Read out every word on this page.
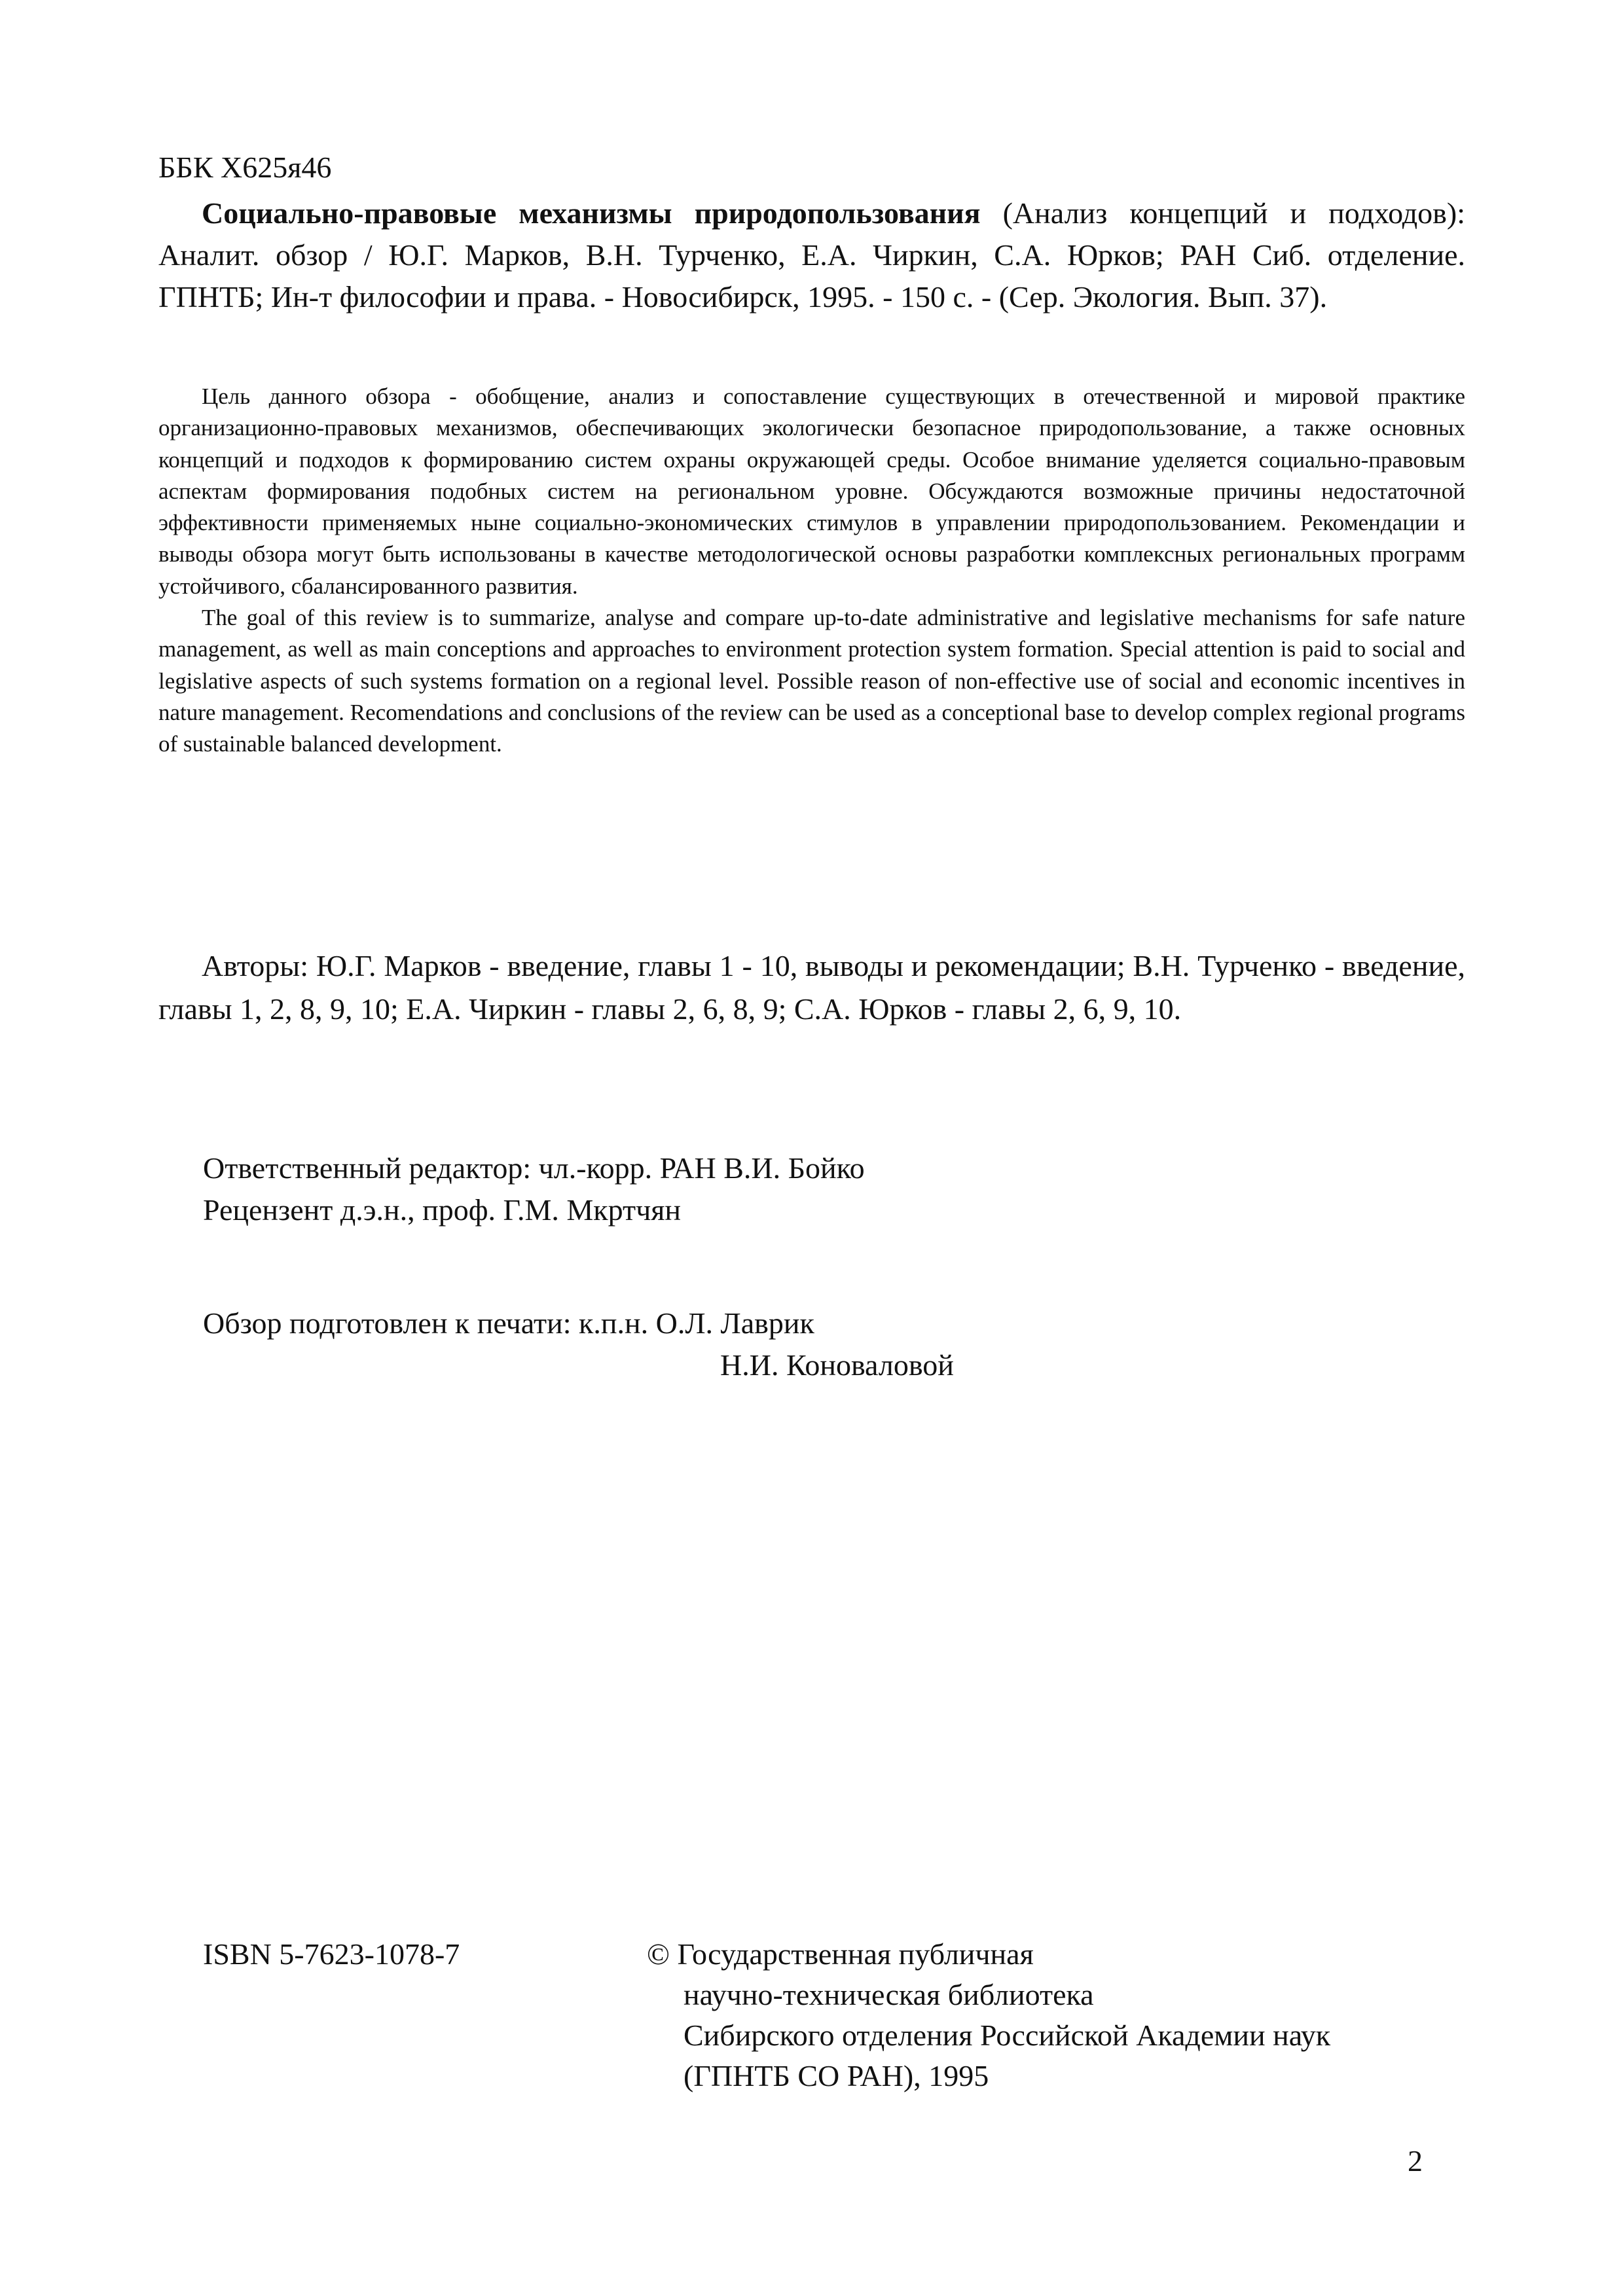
ББК Х625я46

Социально-правовые механизмы природопользования (Анализ концепций и подходов): Аналит. обзор / Ю.Г. Марков, В.Н. Турченко, Е.А. Чиркин, С.А. Юрков; РАН Сиб. отделение. ГПНТБ; Ин-т философии и права. - Новосибирск, 1995. - 150 с. - (Сер. Экология. Вып. 37).

Цель данного обзора - обобщение, анализ и сопоставление существующих в отечественной и мировой практике организационно-правовых механизмов, обеспечивающих экологически безопасное природопользование, а также основных концепций и подходов к формированию систем охраны окружающей среды. Особое внимание уделяется социально-правовым аспектам формирования подобных систем на региональном уровне. Обсуждаются возможные причины недостаточной эффективности применяемых ныне социально-экономических стимулов в управлении природопользованием. Рекомендации и выводы обзора могут быть использованы в качестве методологической основы разработки комплексных региональных программ устойчивого, сбалансированного развития.

The goal of this review is to summarize, analyse and compare up-to-date administrative and legislative mechanisms for safe nature management, as well as main conceptions and approaches to environment protection system formation. Special attention is paid to social and legislative aspects of such systems formation on a regional level. Possible reason of non-effective use of social and economic incentives in nature management. Recomendations and conclusions of the review can be used as a conceptional base to develop complex regional programs of sustainable balanced development.

Авторы: Ю.Г. Марков - введение, главы 1 - 10, выводы и рекомендации; В.Н. Турченко - введение, главы 1, 2, 8, 9, 10; Е.А. Чиркин - главы 2, 6, 8, 9; С.А. Юрков - главы 2, 6, 9, 10.

Ответственный редактор: чл.-корр. РАН В.И. Бойко
Рецензент д.э.н., проф. Г.М. Мкртчян
Обзор подготовлен к печати: к.п.н. О.Л. Лаврик
Н.И. Коноваловой
ISBN 5-7623-1078-7	© Государственная публичная
научно-техническая библиотека
Сибирского отделения Российской Академии наук
(ГПНТБ СО РАН), 1995
2
